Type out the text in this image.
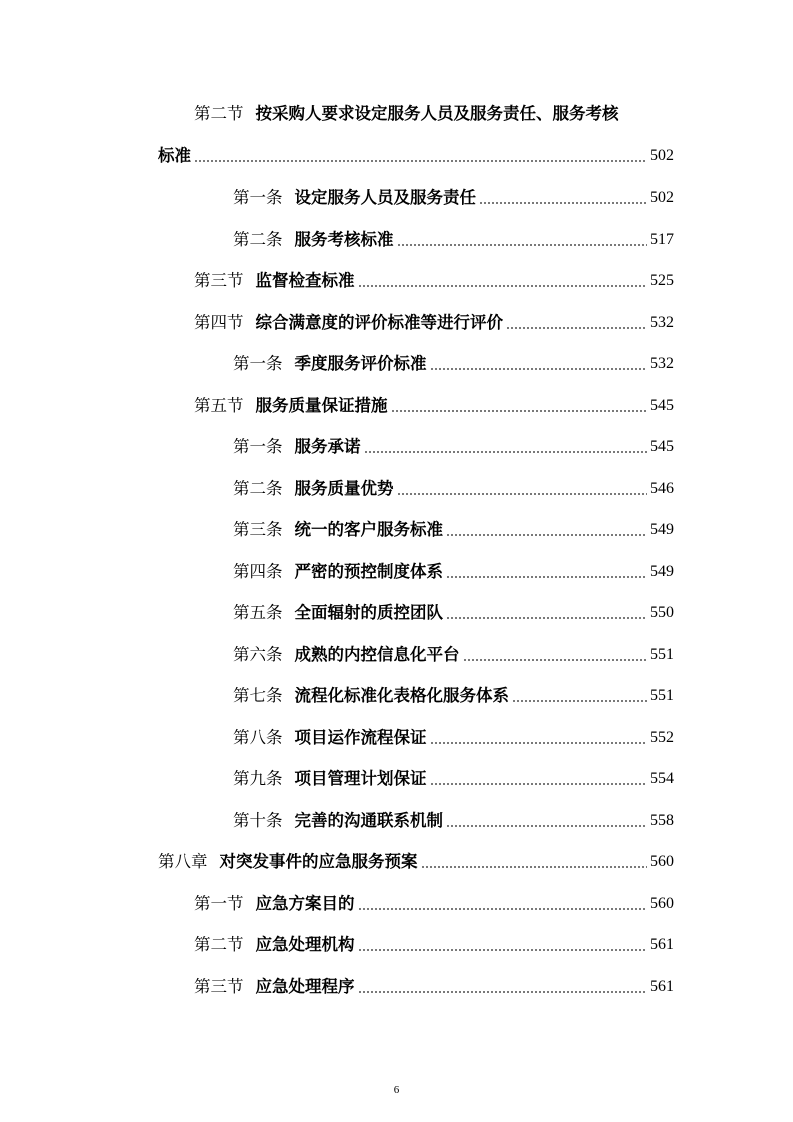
第二节 按采购人要求设定服务人员及服务责任、服务考核
标准	502
第一条 设定服务人员及服务责任	502
第二条 服务考核标准	517
第三节 监督检查标准	525
第四节 综合满意度的评价标准等进行评价	532
第一条 季度服务评价标准	532
第五节 服务质量保证措施	545
第一条 服务承诺	545
第二条 服务质量优势	546
第三条 统一的客户服务标准	549
第四条 严密的预控制度体系	549
第五条 全面辐射的质控团队	550
第六条 成熟的内控信息化平台	551
第七条 流程化标准化表格化服务体系	551
第八条 项目运作流程保证	552
第九条 项目管理计划保证	554
第十条 完善的沟通联系机制	558
第八章 对突发事件的应急服务预案	560
第一节 应急方案目的	560
第二节 应急处理机构	561
第三节 应急处理程序	561
6
